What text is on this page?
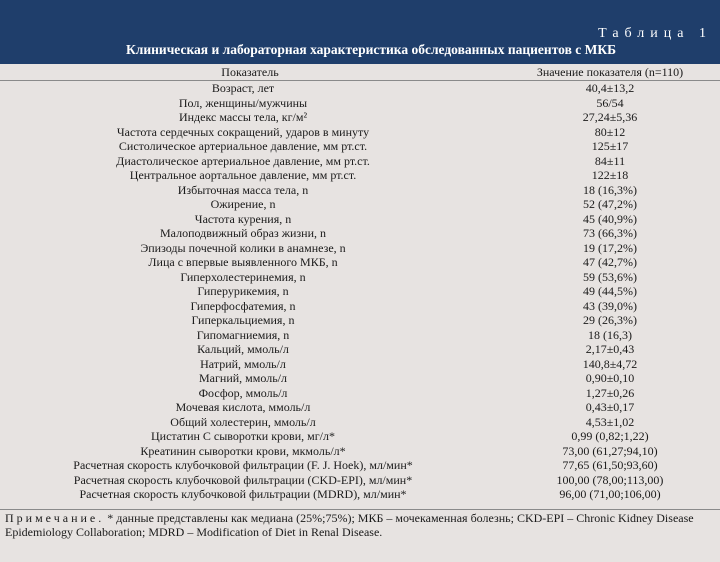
Таблица 1
Клиническая и лабораторная характеристика обследованных пациентов с МКБ
Показатель	Значение показателя (n=110)
Возраст, лет	40,4±13,2
Пол, женщины/мужчины	56/54
Индекс массы тела, кг/м²	27,24±5,36
Частота сердечных сокращений, ударов в минуту	80±12
Систолическое артериальное давление, мм рт.ст.	125±17
Диастолическое артериальное давление, мм рт.ст.	84±11
Центральное аортальное давление, мм рт.ст.	122±18
Избыточная масса тела, n	18 (16,3%)
Ожирение, n	52 (47,2%)
Частота курения, n	45 (40,9%)
Малоподвижный образ жизни, n	73 (66,3%)
Эпизоды почечной колики в анамнезе, n	19 (17,2%)
Лица с впервые выявленного МКБ, n	47 (42,7%)
Гиперхолестеринемия, n	59 (53,6%)
Гиперурикемия, n	49 (44,5%)
Гиперфосфатемия, n	43 (39,0%)
Гиперкальциемия, n	29 (26,3%)
Гипомагниемия, n	18 (16,3)
Кальций, ммоль/л	2,17±0,43
Натрий, ммоль/л	140,8±4,72
Магний, ммоль/л	0,90±0,10
Фосфор, ммоль/л	1,27±0,26
Мочевая кислота, ммоль/л	0,43±0,17
Общий холестерин, ммоль/л	4,53±1,02
Цистатин С сыворотки крови, мг/л*	0,99 (0,82;1,22)
Креатинин сыворотки крови, мкмоль/л*	73,00 (61,27;94,10)
Расчетная скорость клубочковой фильтрации (F. J. Hoek), мл/мин*	77,65 (61,50;93,60)
Расчетная скорость клубочковой фильтрации (CKD-EPI), мл/мин*	100,00 (78,00;113,00)
Расчетная скорость клубочковой фильтрации (MDRD), мл/мин*	96,00 (71,00;106,00)
Примечание. * данные представлены как медиана (25%;75%); МКБ – мочекаменная болезнь; CKD-EPI – Chronic Kidney Disease Epidemiology Collaboration; MDRD – Modification of Diet in Renal Disease.
